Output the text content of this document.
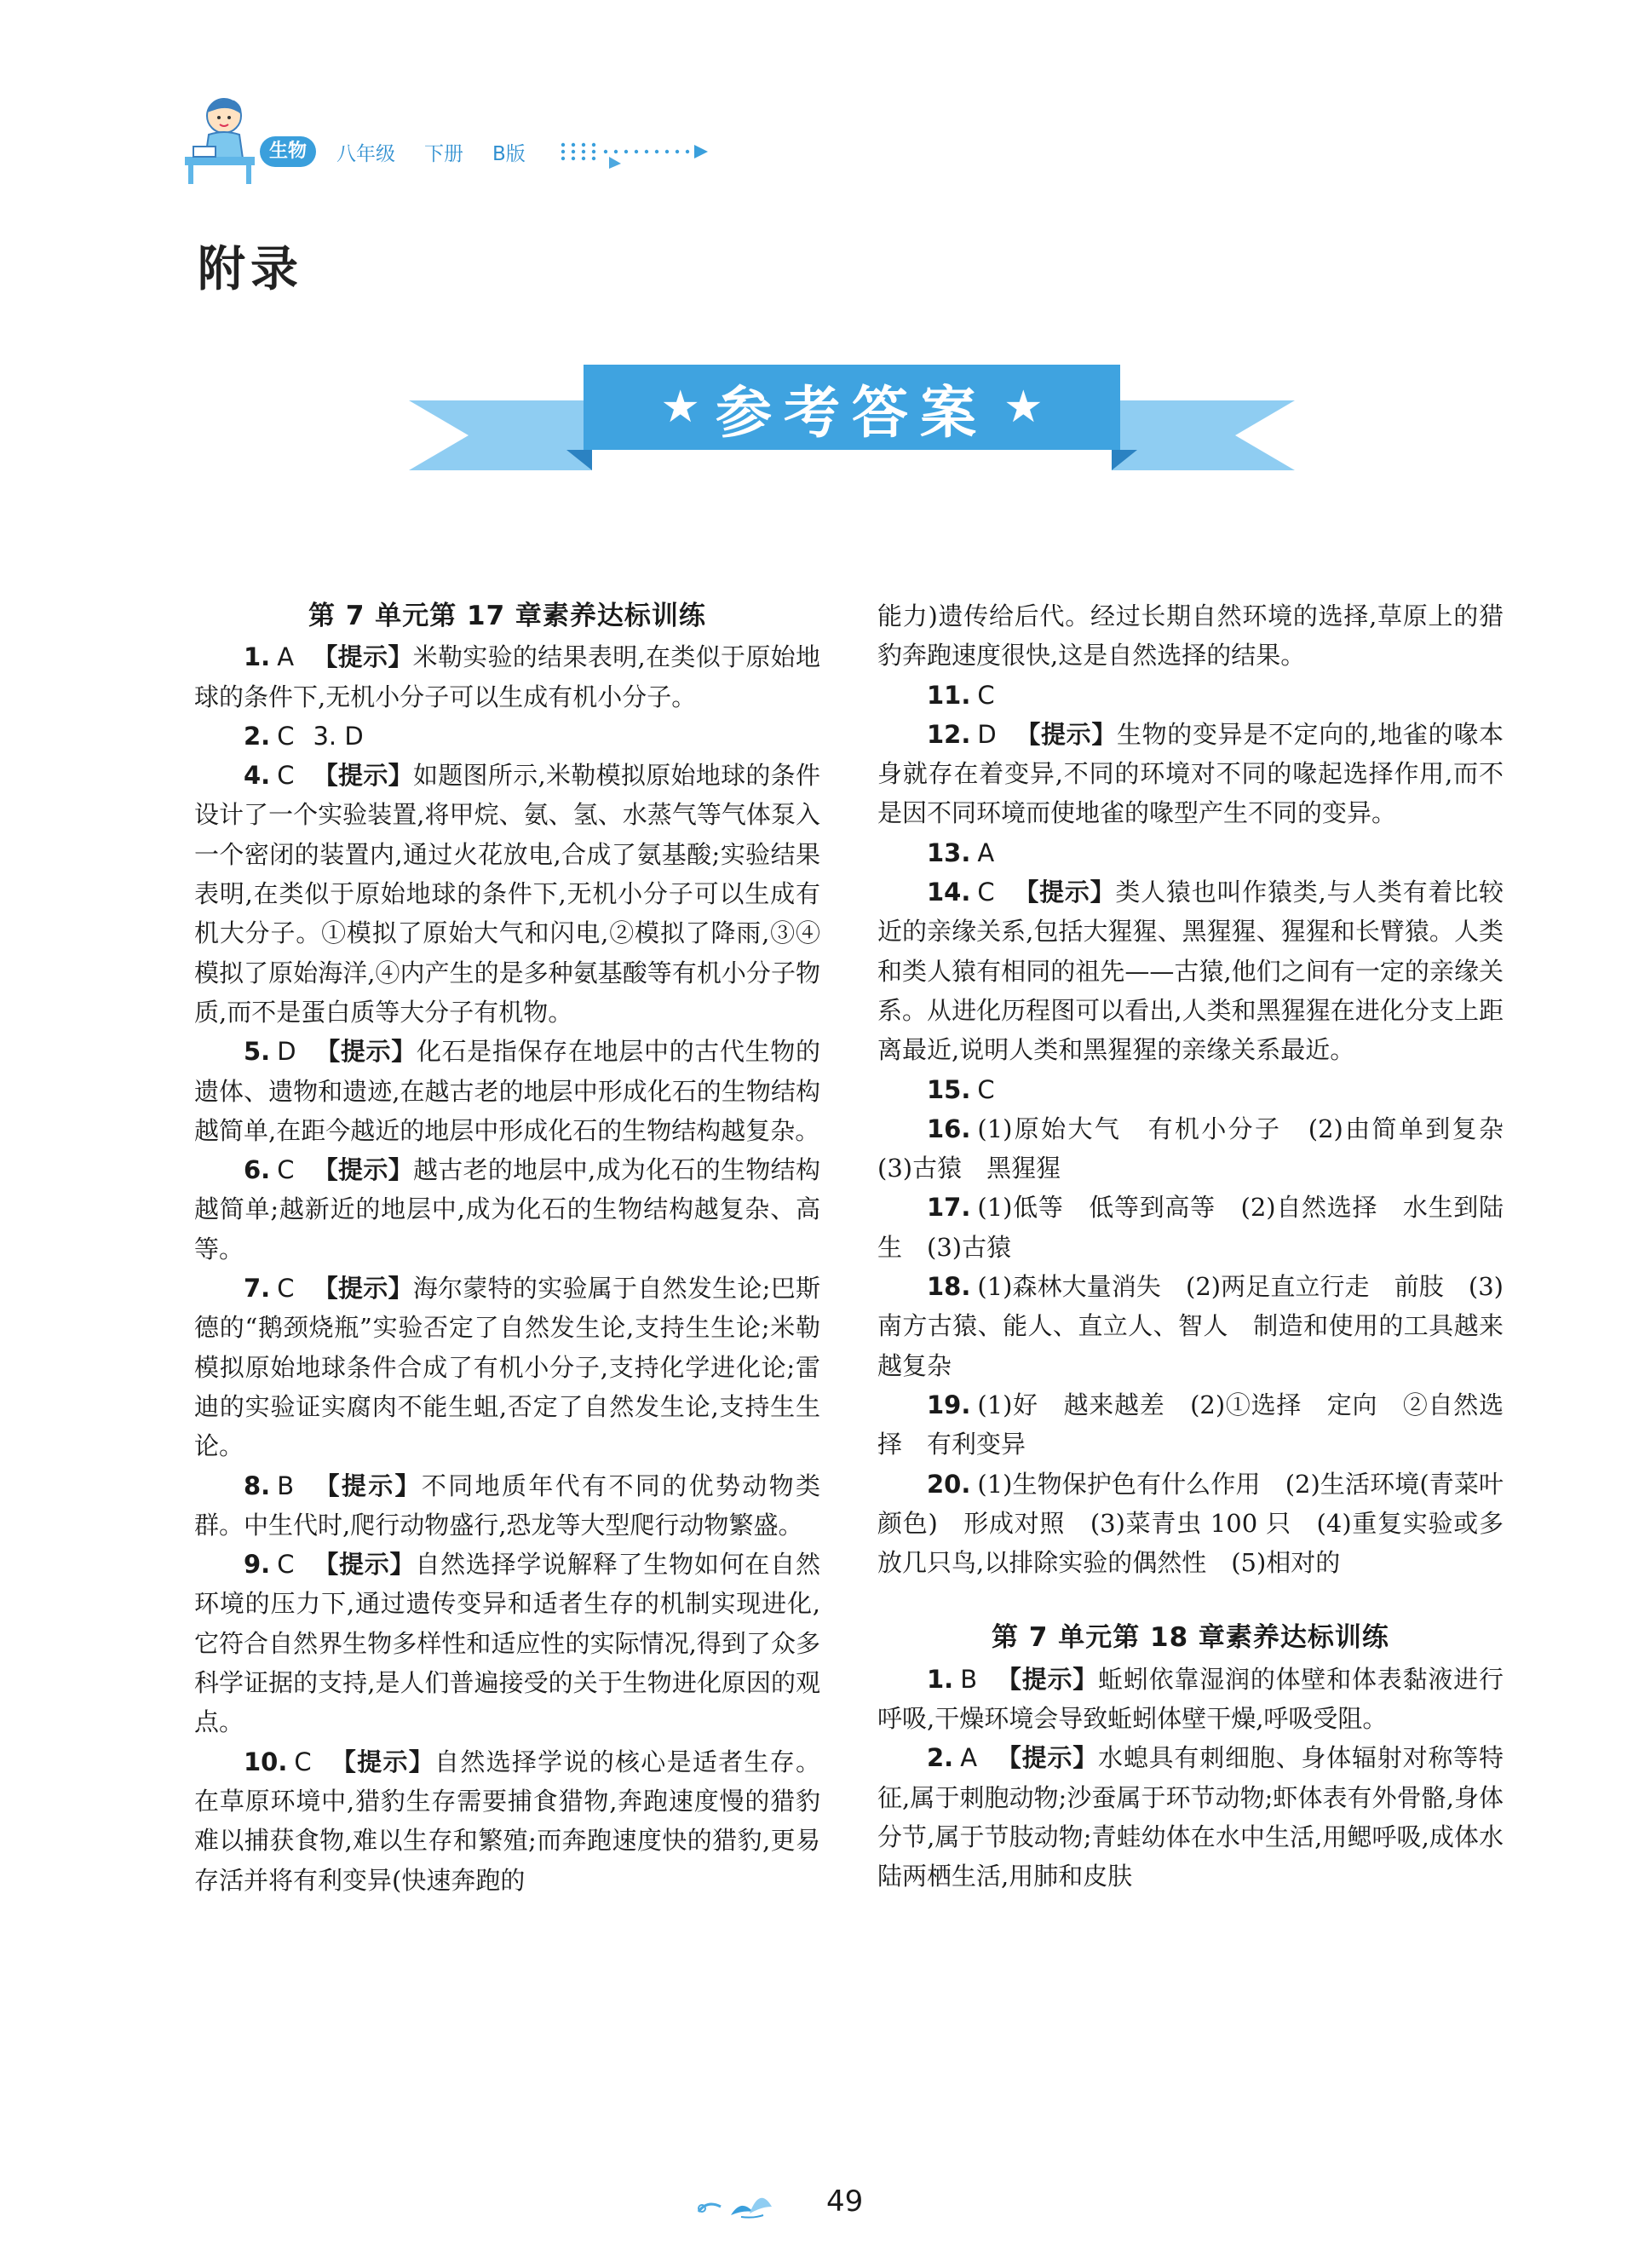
生物	八年级 下册 B版
附录
★ 参考答案 ★
第 7 单元第 17 章素养达标训练

1. A 【提示】米勒实验的结果表明,在类似于原始地球的条件下,无机小分子可以生成有机小分子。

2. C 3. D

4. C 【提示】如题图所示,米勒模拟原始地球的条件设计了一个实验装置,将甲烷、氨、氢、水蒸气等气体泵入一个密闭的装置内,通过火花放电,合成了氨基酸;实验结果表明,在类似于原始地球的条件下,无机小分子可以生成有机大分子。①模拟了原始大气和闪电,②模拟了降雨,③④模拟了原始海洋,④内产生的是多种氨基酸等有机小分子物质,而不是蛋白质等大分子有机物。

5. D 【提示】化石是指保存在地层中的古代生物的遗体、遗物和遗迹,在越古老的地层中形成化石的生物结构越简单,在距今越近的地层中形成化石的生物结构越复杂。

6. C 【提示】越古老的地层中,成为化石的生物结构越简单;越新近的地层中,成为化石的生物结构越复杂、高等。

7. C 【提示】海尔蒙特的实验属于自然发生论;巴斯德的“鹅颈烧瓶”实验否定了自然发生论,支持生生论;米勒模拟原始地球条件合成了有机小分子,支持化学进化论;雷迪的实验证实腐肉不能生蛆,否定了自然发生论,支持生生论。

8. B 【提示】不同地质年代有不同的优势动物类群。中生代时,爬行动物盛行,恐龙等大型爬行动物繁盛。

9. C 【提示】自然选择学说解释了生物如何在自然环境的压力下,通过遗传变异和适者生存的机制实现进化,它符合自然界生物多样性和适应性的实际情况,得到了众多科学证据的支持,是人们普遍接受的关于生物进化原因的观点。

10. C 【提示】自然选择学说的核心是适者生存。在草原环境中,猎豹生存需要捕食猎物,奔跑速度慢的猎豹难以捕获食物,难以生存和繁殖;而奔跑速度快的猎豹,更易存活并将有利变异(快速奔跑的

能力)遗传给后代。经过长期自然环境的选择,草原上的猎豹奔跑速度很快,这是自然选择的结果。

11. C

12. D 【提示】生物的变异是不定向的,地雀的喙本身就存在着变异,不同的环境对不同的喙起选择作用,而不是因不同环境而使地雀的喙型产生不同的变异。

13. A

14. C 【提示】类人猿也叫作猿类,与人类有着比较近的亲缘关系,包括大猩猩、黑猩猩、猩猩和长臂猿。人类和类人猿有相同的祖先——古猿,他们之间有一定的亲缘关系。从进化历程图可以看出,人类和黑猩猩在进化分支上距离最近,说明人类和黑猩猩的亲缘关系最近。

15. C

16. (1)原始大气　有机小分子　(2)由简单到复杂　(3)古猿　黑猩猩

17. (1)低等　低等到高等　(2)自然选择　水生到陆生　(3)古猿

18. (1)森林大量消失　(2)两足直立行走　前肢　(3)南方古猿、能人、直立人、智人　制造和使用的工具越来越复杂

19. (1)好　越来越差　(2)①选择　定向　②自然选择　有利变异

20. (1)生物保护色有什么作用　(2)生活环境(青菜叶颜色)　形成对照　(3)菜青虫 100 只　(4)重复实验或多放几只鸟,以排除实验的偶然性　(5)相对的

第 7 单元第 18 章素养达标训练

1. B 【提示】蚯蚓依靠湿润的体壁和体表黏液进行呼吸,干燥环境会导致蚯蚓体壁干燥,呼吸受阻。

2. A 【提示】水螅具有刺细胞、身体辐射对称等特征,属于刺胞动物;沙蚕属于环节动物;虾体表有外骨骼,身体分节,属于节肢动物;青蛙幼体在水中生活,用鳃呼吸,成体水陆两栖生活,用肺和皮肤

49
